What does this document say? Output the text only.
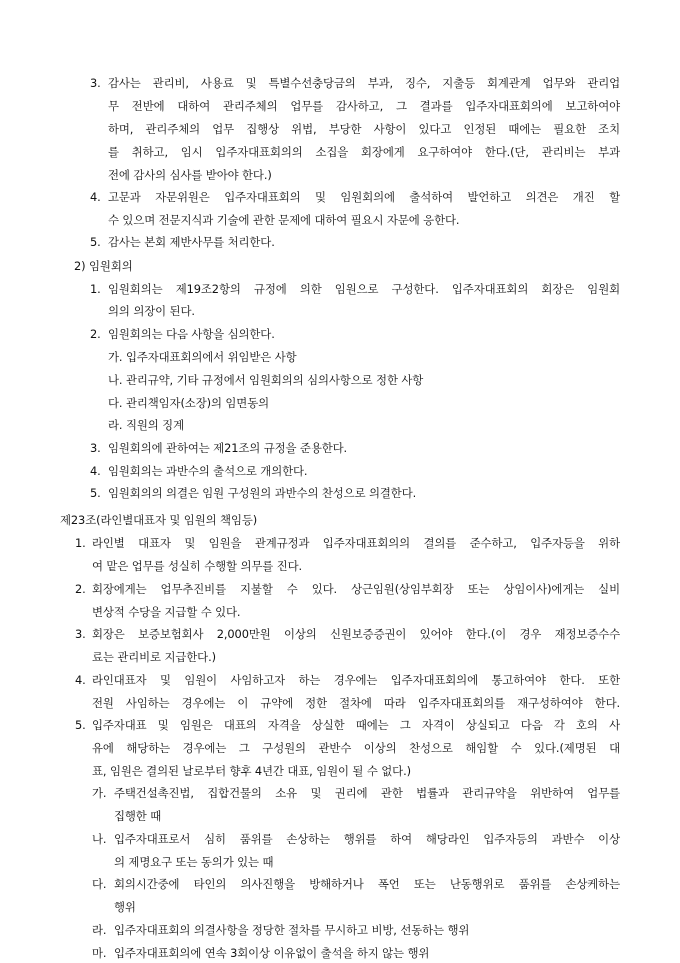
3. 감사는 관리비, 사용료 및 특별수선충당금의 부과, 징수, 지출등 회계관계 업무와 관리업
무 전반에 대하여 관리주체의 업무를 감사하고, 그 결과를 입주자대표회의에 보고하여야
하며, 관리주체의 업무 집행상 위법, 부당한 사항이 있다고 인정된 때에는 필요한 조치
를 취하고, 임시 입주자대표회의의 소집을 회장에게 요구하여야 한다.(단, 관리비는 부과
전에 감사의 심사를 받아야 한다.)
4. 고문과 자문위원은 입주자대표회의 및 임원회의에 출석하여 발언하고 의견은 개진 할
수 있으며 전문지식과 기술에 관한 문제에 대하여 필요시 자문에 응한다.
5. 감사는 본회 제반사무를 처리한다.
2) 임원회의
1. 임원회의는 제19조2항의 규정에 의한 임원으로 구성한다. 입주자대표회의 회장은 임원회
의의 의장이 된다.
2. 임원회의는 다음 사항을 심의한다.
가. 입주자대표회의에서 위임받은 사항
나. 관리규약, 기타 규정에서 임원회의의 심의사항으로 정한 사항
다. 관리책임자(소장)의 임면동의
라. 직원의 징계
3. 임원회의에 관하여는 제21조의 규정을 준용한다.
4. 임원회의는 과반수의 출석으로 개의한다.
5. 임원회의의 의결은 임원 구성원의 과반수의 찬성으로 의결한다.
제23조(라인별대표자 및 임원의 책임등)
1. 라인별 대표자 및 임원을 관계규정과 입주자대표회의의 결의를 준수하고, 입주자등을 위하
여 맡은 업무를 성실히 수행할 의무를 진다.
2. 회장에게는 업무추진비를 지불할 수 있다. 상근임원(상임부회장 또는 상임이사)에게는 실비
변상적 수당을 지급할 수 있다.
3. 회장은 보증보험회사 2,000만원 이상의 신원보증증권이 있어야 한다.(이 경우 재정보증수수
료는 관리비로 지급한다.)
4. 라인대표자 및 임원이 사임하고자 하는 경우에는 입주자대표회의에 통고하여야 한다. 또한
전원 사임하는 경우에는 이 규약에 정한 절차에 따라 입주자대표회의를 재구성하여야 한다.
5. 입주자대표 및 임원은 대표의 자격을 상실한 때에는 그 자격이 상실되고 다음 각 호의 사
유에 해당하는 경우에는 그 구성원의 관반수 이상의 찬성으로 해임할 수 있다.(제명된 대
표, 임원은 결의된 날로부터 향후 4년간 대표, 임원이 될 수 없다.)
가. 주택건설촉진법, 집합건물의 소유 및 권리에 관한 법률과 관리규약을 위반하여 업무를
집행한 때
나. 입주자대표로서 심히 품위를 손상하는 행위를 하여 해당라인 입주자등의 과반수 이상
의 제명요구 또는 동의가 있는 때
다. 회의시간중에 타인의 의사진행을 방해하거나 폭언 또는 난동행위로 품위를 손상케하는
행위
라. 입주자대표회의 의결사항을 정당한 절차를 무시하고 비방, 선동하는 행위
마. 입주자대표회의에 연속 3회이상 이유없이 출석을 하지 않는 행위
